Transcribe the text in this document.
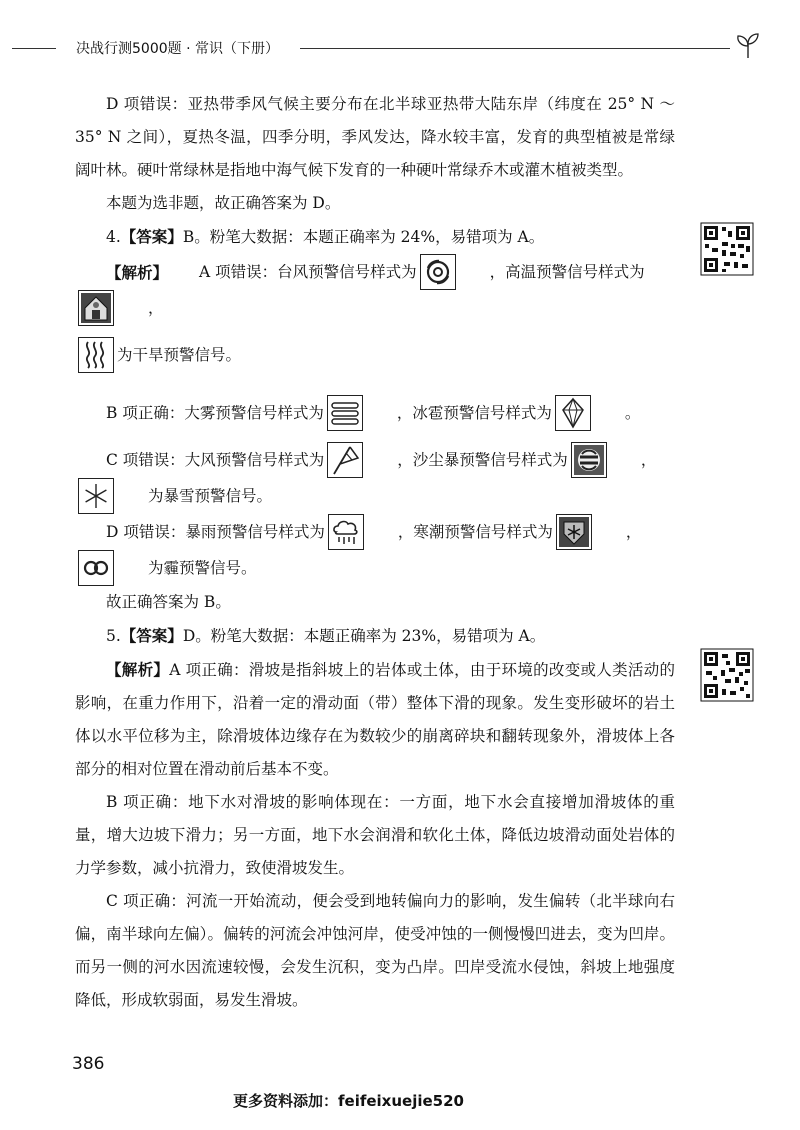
决战行测5000题 · 常识（下册）

D 项错误：亚热带季风气候主要分布在北半球亚热带大陆东岸（纬度在 25° N ～ 35° N 之间），夏热冬温，四季分明，季风发达，降水较丰富，发育的典型植被是常绿阔叶林。硬叶常绿林是指地中海气候下发育的一种硬叶常绿乔木或灌木植被类型。

本题为选非题，故正确答案为 D。

4.【答案】B。粉笔大数据：本题正确率为 24%，易错项为 A。

【解析】	A 项错误：台风预警信号样式为	，高温预警信号样式为
，

为干旱预警信号。

B 项正确：大雾预警信号样式为	，冰雹预警信号样式为	。

C 项错误：大风预警信号样式为	，沙尘暴预警信号样式为	，
为暴雪预警信号。

D 项错误：暴雨预警信号样式为	，寒潮预警信号样式为	，
为霾预警信号。

故正确答案为 B。

5.【答案】D。粉笔大数据：本题正确率为 23%，易错项为 A。

【解析】A 项正确：滑坡是指斜坡上的岩体或土体，由于环境的改变或人类活动的影响，在重力作用下，沿着一定的滑动面（带）整体下滑的现象。发生变形破坏的岩土体以水平位移为主，除滑坡体边缘存在为数较少的崩离碎块和翻转现象外，滑坡体上各部分的相对位置在滑动前后基本不变。

B 项正确：地下水对滑坡的影响体现在：一方面，地下水会直接增加滑坡体的重量，增大边坡下滑力；另一方面，地下水会润滑和软化土体，降低边坡滑动面处岩体的力学参数，减小抗滑力，致使滑坡发生。

C 项正确：河流一开始流动，便会受到地转偏向力的影响，发生偏转（北半球向右偏，南半球向左偏）。偏转的河流会冲蚀河岸，使受冲蚀的一侧慢慢凹进去，变为凹岸。而另一侧的河水因流速较慢，会发生沉积，变为凸岸。凹岸受流水侵蚀，斜坡上地强度降低，形成软弱面，易发生滑坡。

386
更多资料添加：feifeixuejie520
